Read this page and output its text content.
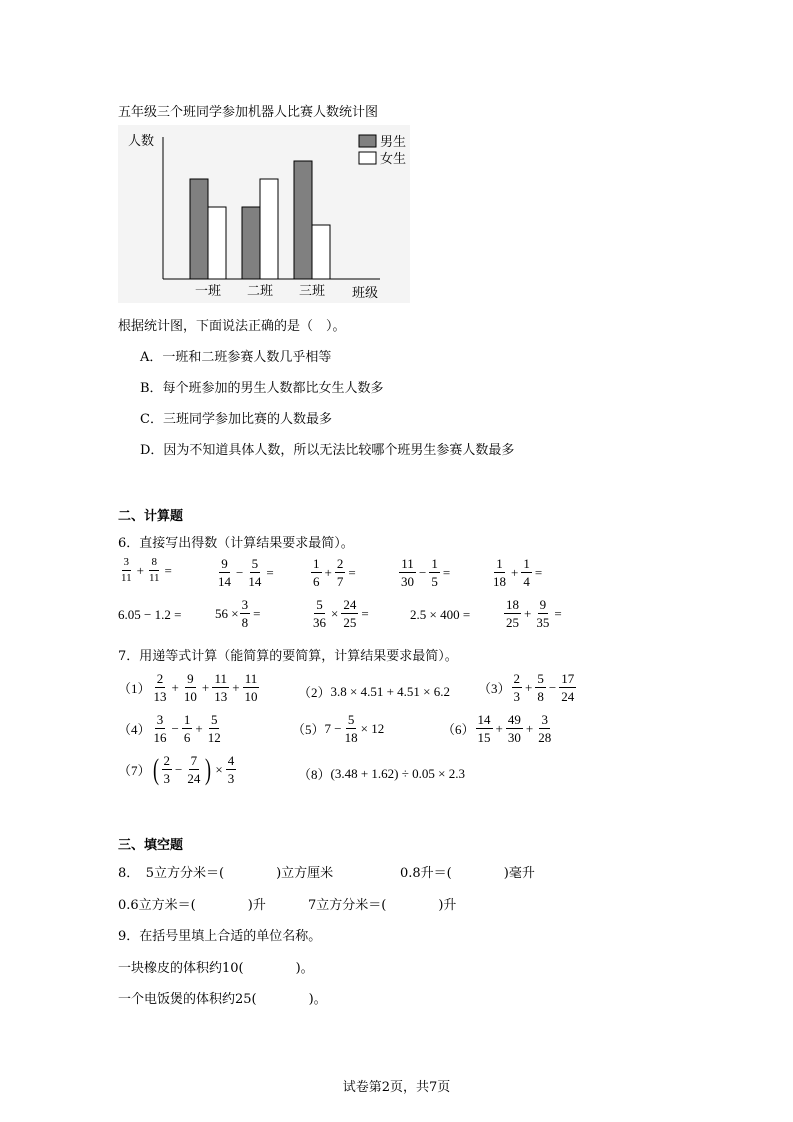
五年级三个班同学参加机器人比赛人数统计图
人数
班级
男生
女生
一班 二班 三班
根据统计图，下面说法正确的是（　）。
A．一班和二班参赛人数几乎相等
B．每个班参加的男生人数都比女生人数多
C．三班同学参加比赛的人数最多
D．因为不知道具体人数，所以无法比较哪个班男生参赛人数最多
二、计算题
6．直接写出得数（计算结果要求最简）。
$\frac{3}{11} + \frac{8}{11}$ =	$\frac{9}{14} - \frac{5}{14}$ =	$\frac{1}{6} + \frac{2}{7}$ =	$\frac{11}{30} - \frac{1}{5}$ =	$\frac{1}{18} + \frac{1}{4}$ =
6.05 − 1.2 =	$56 \times \frac{3}{8}$ =	$\frac{5}{36} \times \frac{24}{25}$ =	2.5 × 400 =	$\frac{18}{25} + \frac{9}{35}$ =
7．用递等式计算（能简算的要简算，计算结果要求最简）。
$(1) \frac{2}{13} + \frac{9}{10} + \frac{11}{13} + \frac{11}{10}$	（2） 3.8 × 4.51 + 4.51 × 6.2 $(3) \frac{2}{3} + \frac{5}{8} - \frac{17}{24}$
$(4) \frac{3}{16} - \frac{1}{6} + \frac{5}{12}$	（5） $7 - \frac{5}{18} \times 12$	$(6) \frac{14}{15} + \frac{49}{30} + \frac{3}{28}$
（7） ( $\frac{2}{3} - \frac{7}{24}$ ) × $\frac{4}{3}$	（8） (3.48 + 1.62) ÷ 0.05 × 2.3
三、填空题
8．　5立方分米＝(　　　　)立方厘米	0.8升＝(　　　　)毫升
0.6立方米＝(　　　　)升	7立方分米＝(　　　　)升
9．在括号里填上合适的单位名称。
一块橡皮的体积约10(　　　　)。
一个电饭煲的体积约25(　　　　)。
试卷第2页，共7页
